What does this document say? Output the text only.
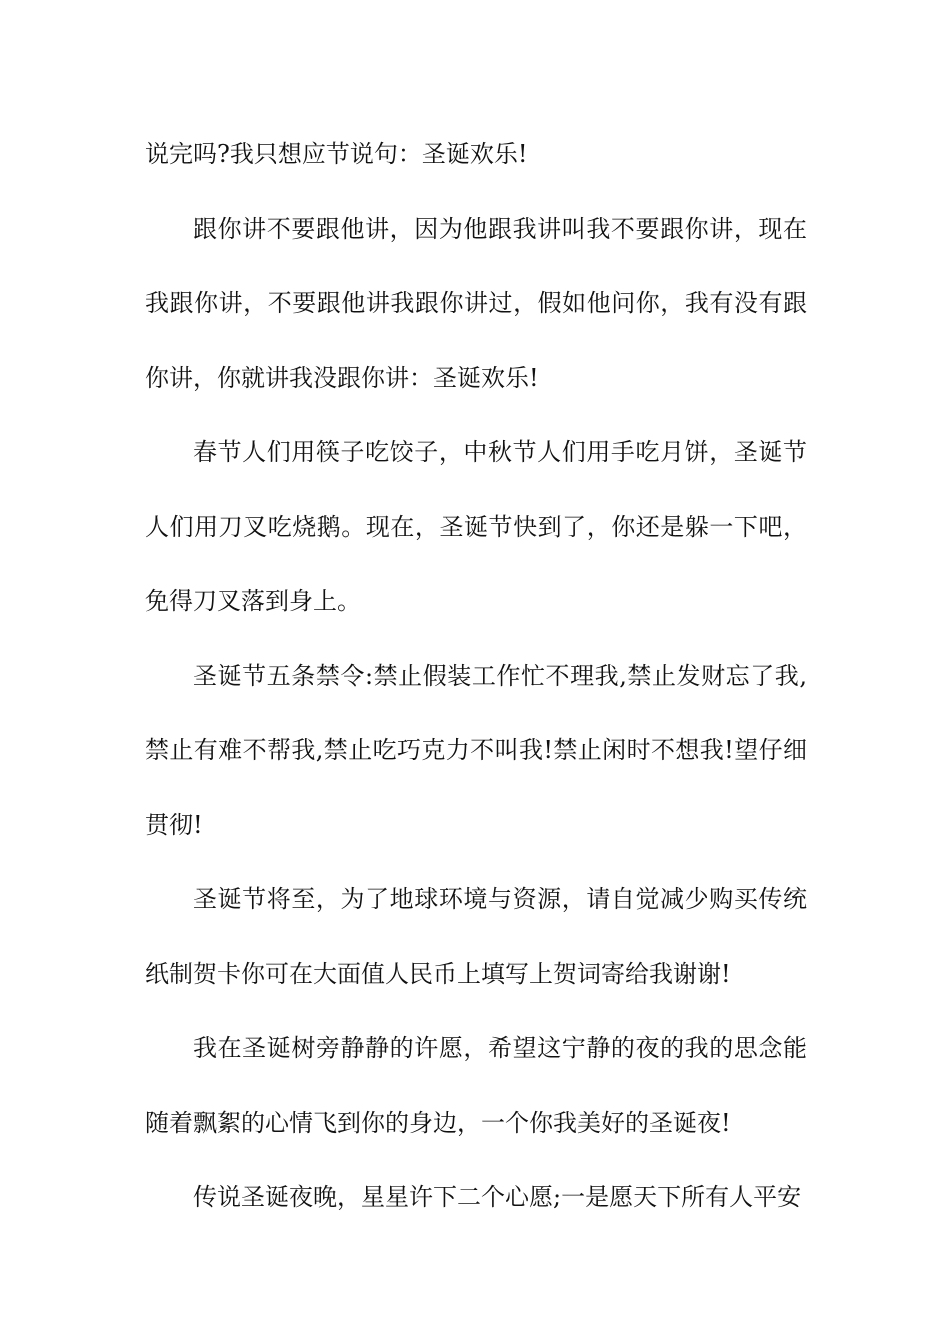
说完吗?我只想应节说句：圣诞欢乐!

跟你讲不要跟他讲，因为他跟我讲叫我不要跟你讲，现在我跟你讲，不要跟他讲我跟你讲过，假如他问你，我有没有跟你讲，你就讲我没跟你讲：圣诞欢乐!

春节人们用筷子吃饺子，中秋节人们用手吃月饼，圣诞节人们用刀叉吃烧鹅。现在，圣诞节快到了，你还是躲一下吧，免得刀叉落到身上。

圣诞节五条禁令:禁止假装工作忙不理我,禁止发财忘了我,禁止有难不帮我,禁止吃巧克力不叫我!禁止闲时不想我!望仔细贯彻!

圣诞节将至，为了地球环境与资源，请自觉减少购买传统纸制贺卡你可在大面值人民币上填写上贺词寄给我谢谢!

我在圣诞树旁静静的许愿，希望这宁静的夜的我的思念能随着飘絮的心情飞到你的身边，一个你我美好的圣诞夜!

传说圣诞夜晚，星星许下二个心愿;一是愿天下所有人平安
